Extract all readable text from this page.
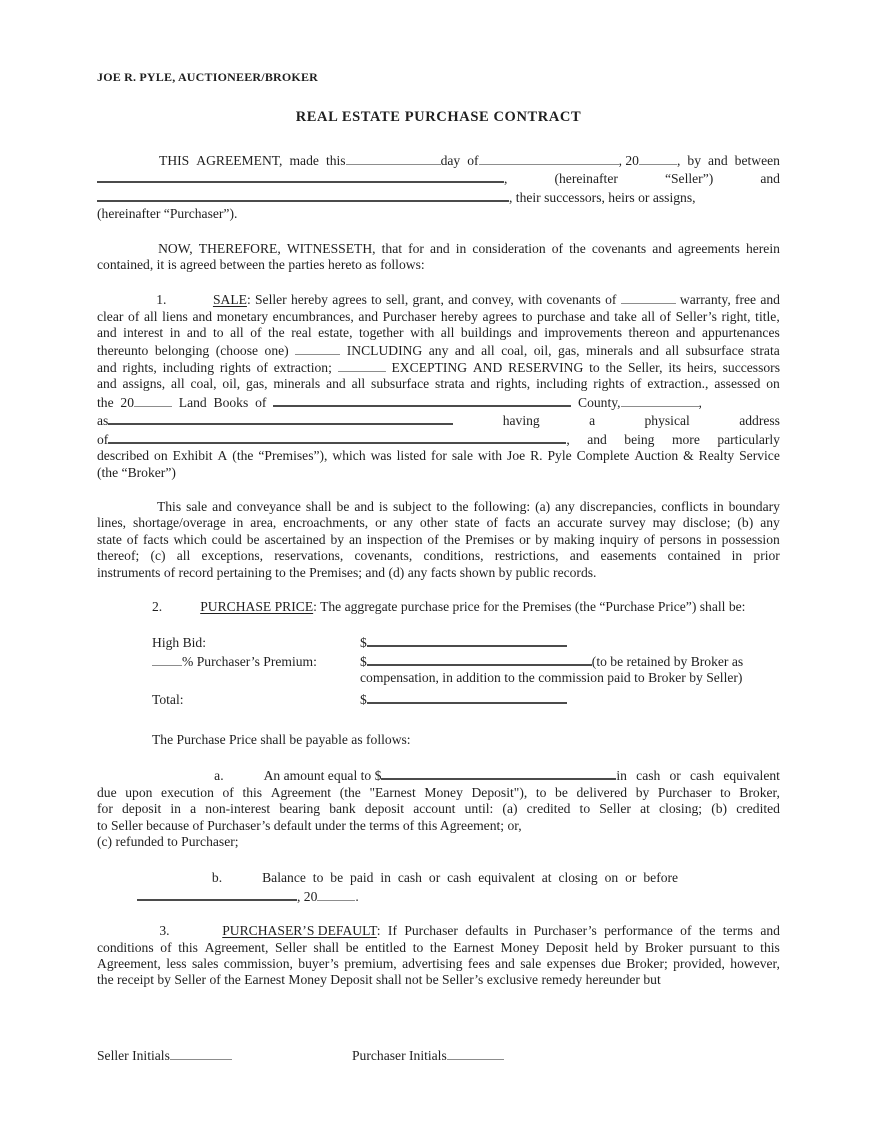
JOE R. PYLE, AUCTIONEER/BROKER
REAL ESTATE PURCHASE CONTRACT
THIS AGREEMENT, made this	day of	, 20	, by and between
,	(hereinafter	“Seller”)	and
, their successors, heirs or assigns,
(hereinafter “Purchaser”).
NOW, THEREFORE, WITNESSETH, that for and in consideration of the covenants and agreements herein
contained, it is agreed between the parties hereto as follows:
1.	SALE: Seller hereby agrees to sell, grant, and convey, with covenants of	warranty, free and
clear of all liens and monetary encumbrances, and Purchaser hereby agrees to purchase and take all of Seller’s right, title,
and interest in and to all of the real estate, together with all buildings and improvements thereon and appurtenances
thereunto belonging (choose one)	INCLUDING any and all coal, oil, gas, minerals and all subsurface strata
and rights, including rights of extraction;	EXCEPTING AND RESERVING to the Seller, its heirs, successors
and assigns, all coal, oil, gas, minerals and all subsurface strata and rights, including rights of extraction., assessed on
the  20	Land  Books  of	County,	,
as	having	a	physical	address
of	, and being more particularly
described on Exhibit A (the “Premises”), which was listed for sale with Joe R. Pyle Complete Auction & Realty Service
(the “Broker”)
This sale and conveyance shall be and is subject to the following: (a) any discrepancies, conflicts in boundary
lines, shortage/overage in area, encroachments, or any other state of facts an accurate survey may disclose; (b) any
state of facts which could be ascertained by an inspection of the Premises or by making inquiry of persons in possession
thereof; (c) all exceptions, reservations, covenants, conditions, restrictions, and easements contained in prior
instruments of record pertaining to the Premises; and (d) any facts shown by public records.
2.	PURCHASE PRICE: The aggregate purchase price for the Premises (the “Purchase Price”) shall be:
High Bid:	$
% Purchaser’s Premium:	$	(to be retained by Broker as
compensation, in addition to the commission paid to Broker by Seller)
Total:	$
The Purchase Price shall be payable as follows:
a.	An amount equal to $	in cash or cash equivalent
due upon execution of this Agreement (the "Earnest Money Deposit"), to be delivered by Purchaser to Broker,
for deposit in a non-interest bearing bank deposit account until: (a) credited to Seller at closing; (b) credited
to Seller because of Purchaser’s default under the terms of this Agreement; or,
(c) refunded to Purchaser;
b.	Balance to be paid in cash or cash equivalent at closing on or before
, 20	.
3.	PURCHASER’S DEFAULT: If Purchaser defaults in Purchaser’s performance of the terms and
conditions of this Agreement, Seller shall be entitled to the Earnest Money Deposit held by Broker pursuant to this
Agreement, less sales commission, buyer’s premium, advertising fees and sale expenses due Broker; provided, however,
the receipt by Seller of the Earnest Money Deposit shall not be Seller’s exclusive remedy hereunder but
Seller Initials	Purchaser Initials
